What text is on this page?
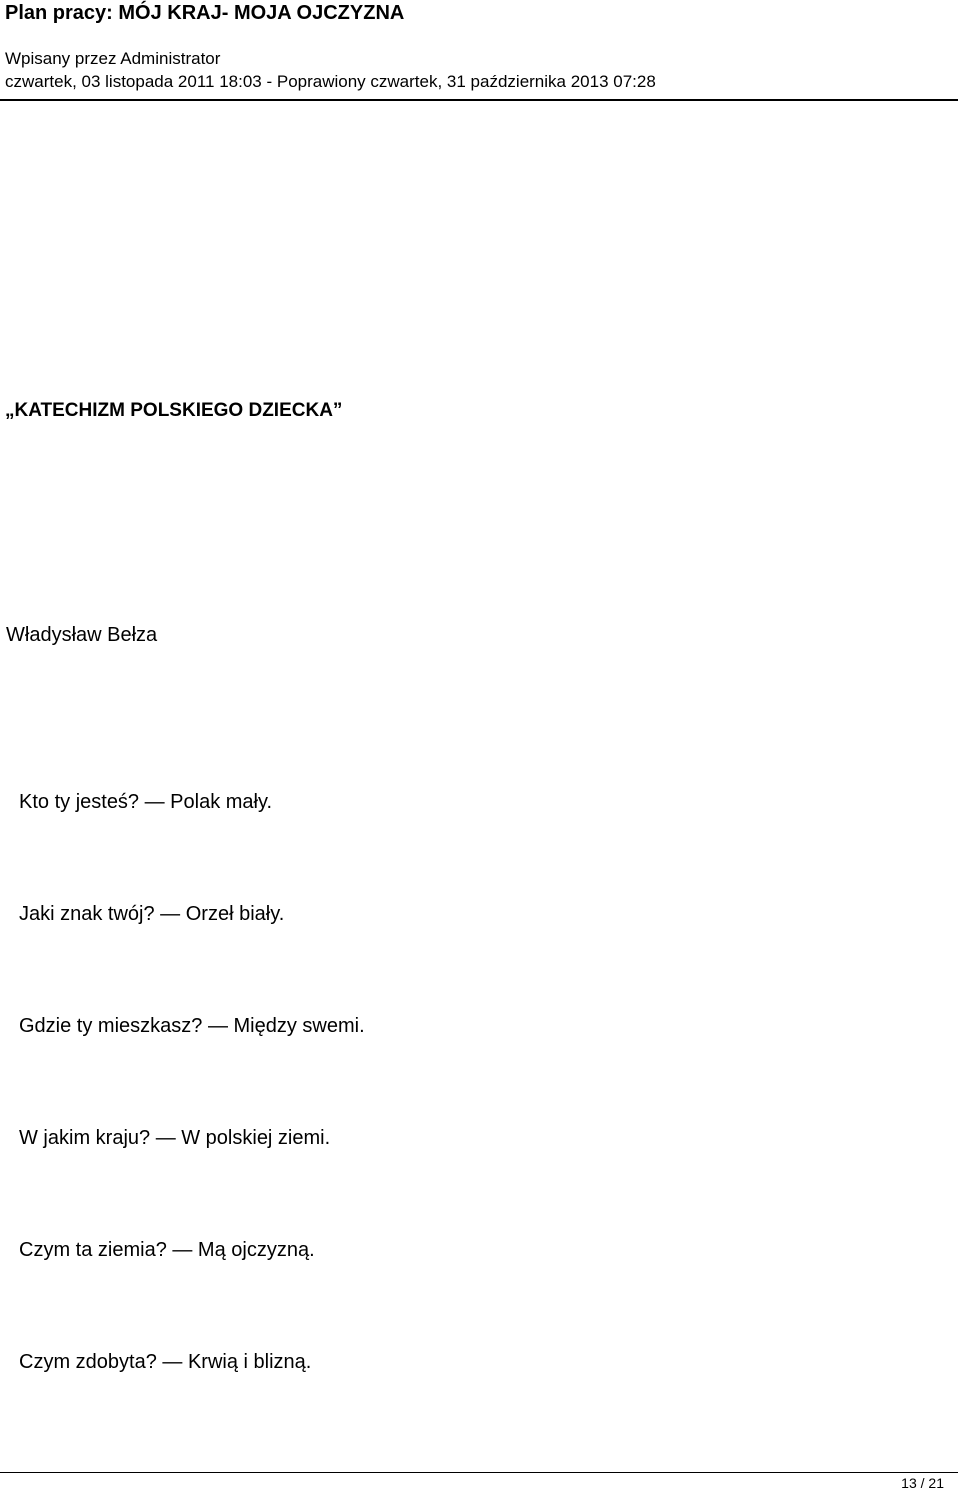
Plan pracy: MÓJ KRAJ- MOJA OJCZYZNA
Wpisany przez Administrator
czwartek, 03 listopada 2011 18:03 - Poprawiony czwartek, 31 października 2013 07:28
„KATECHIZM POLSKIEGO DZIECKA”
Władysław Bełza
Kto ty jesteś? — Polak mały.
Jaki znak twój? — Orzeł biały.
Gdzie ty mieszkasz? — Między swemi.
W jakim kraju? — W polskiej ziemi.
Czym ta ziemia? — Mą ojczyzną.
Czym zdobyta? — Krwią i blizną.
13 / 21
